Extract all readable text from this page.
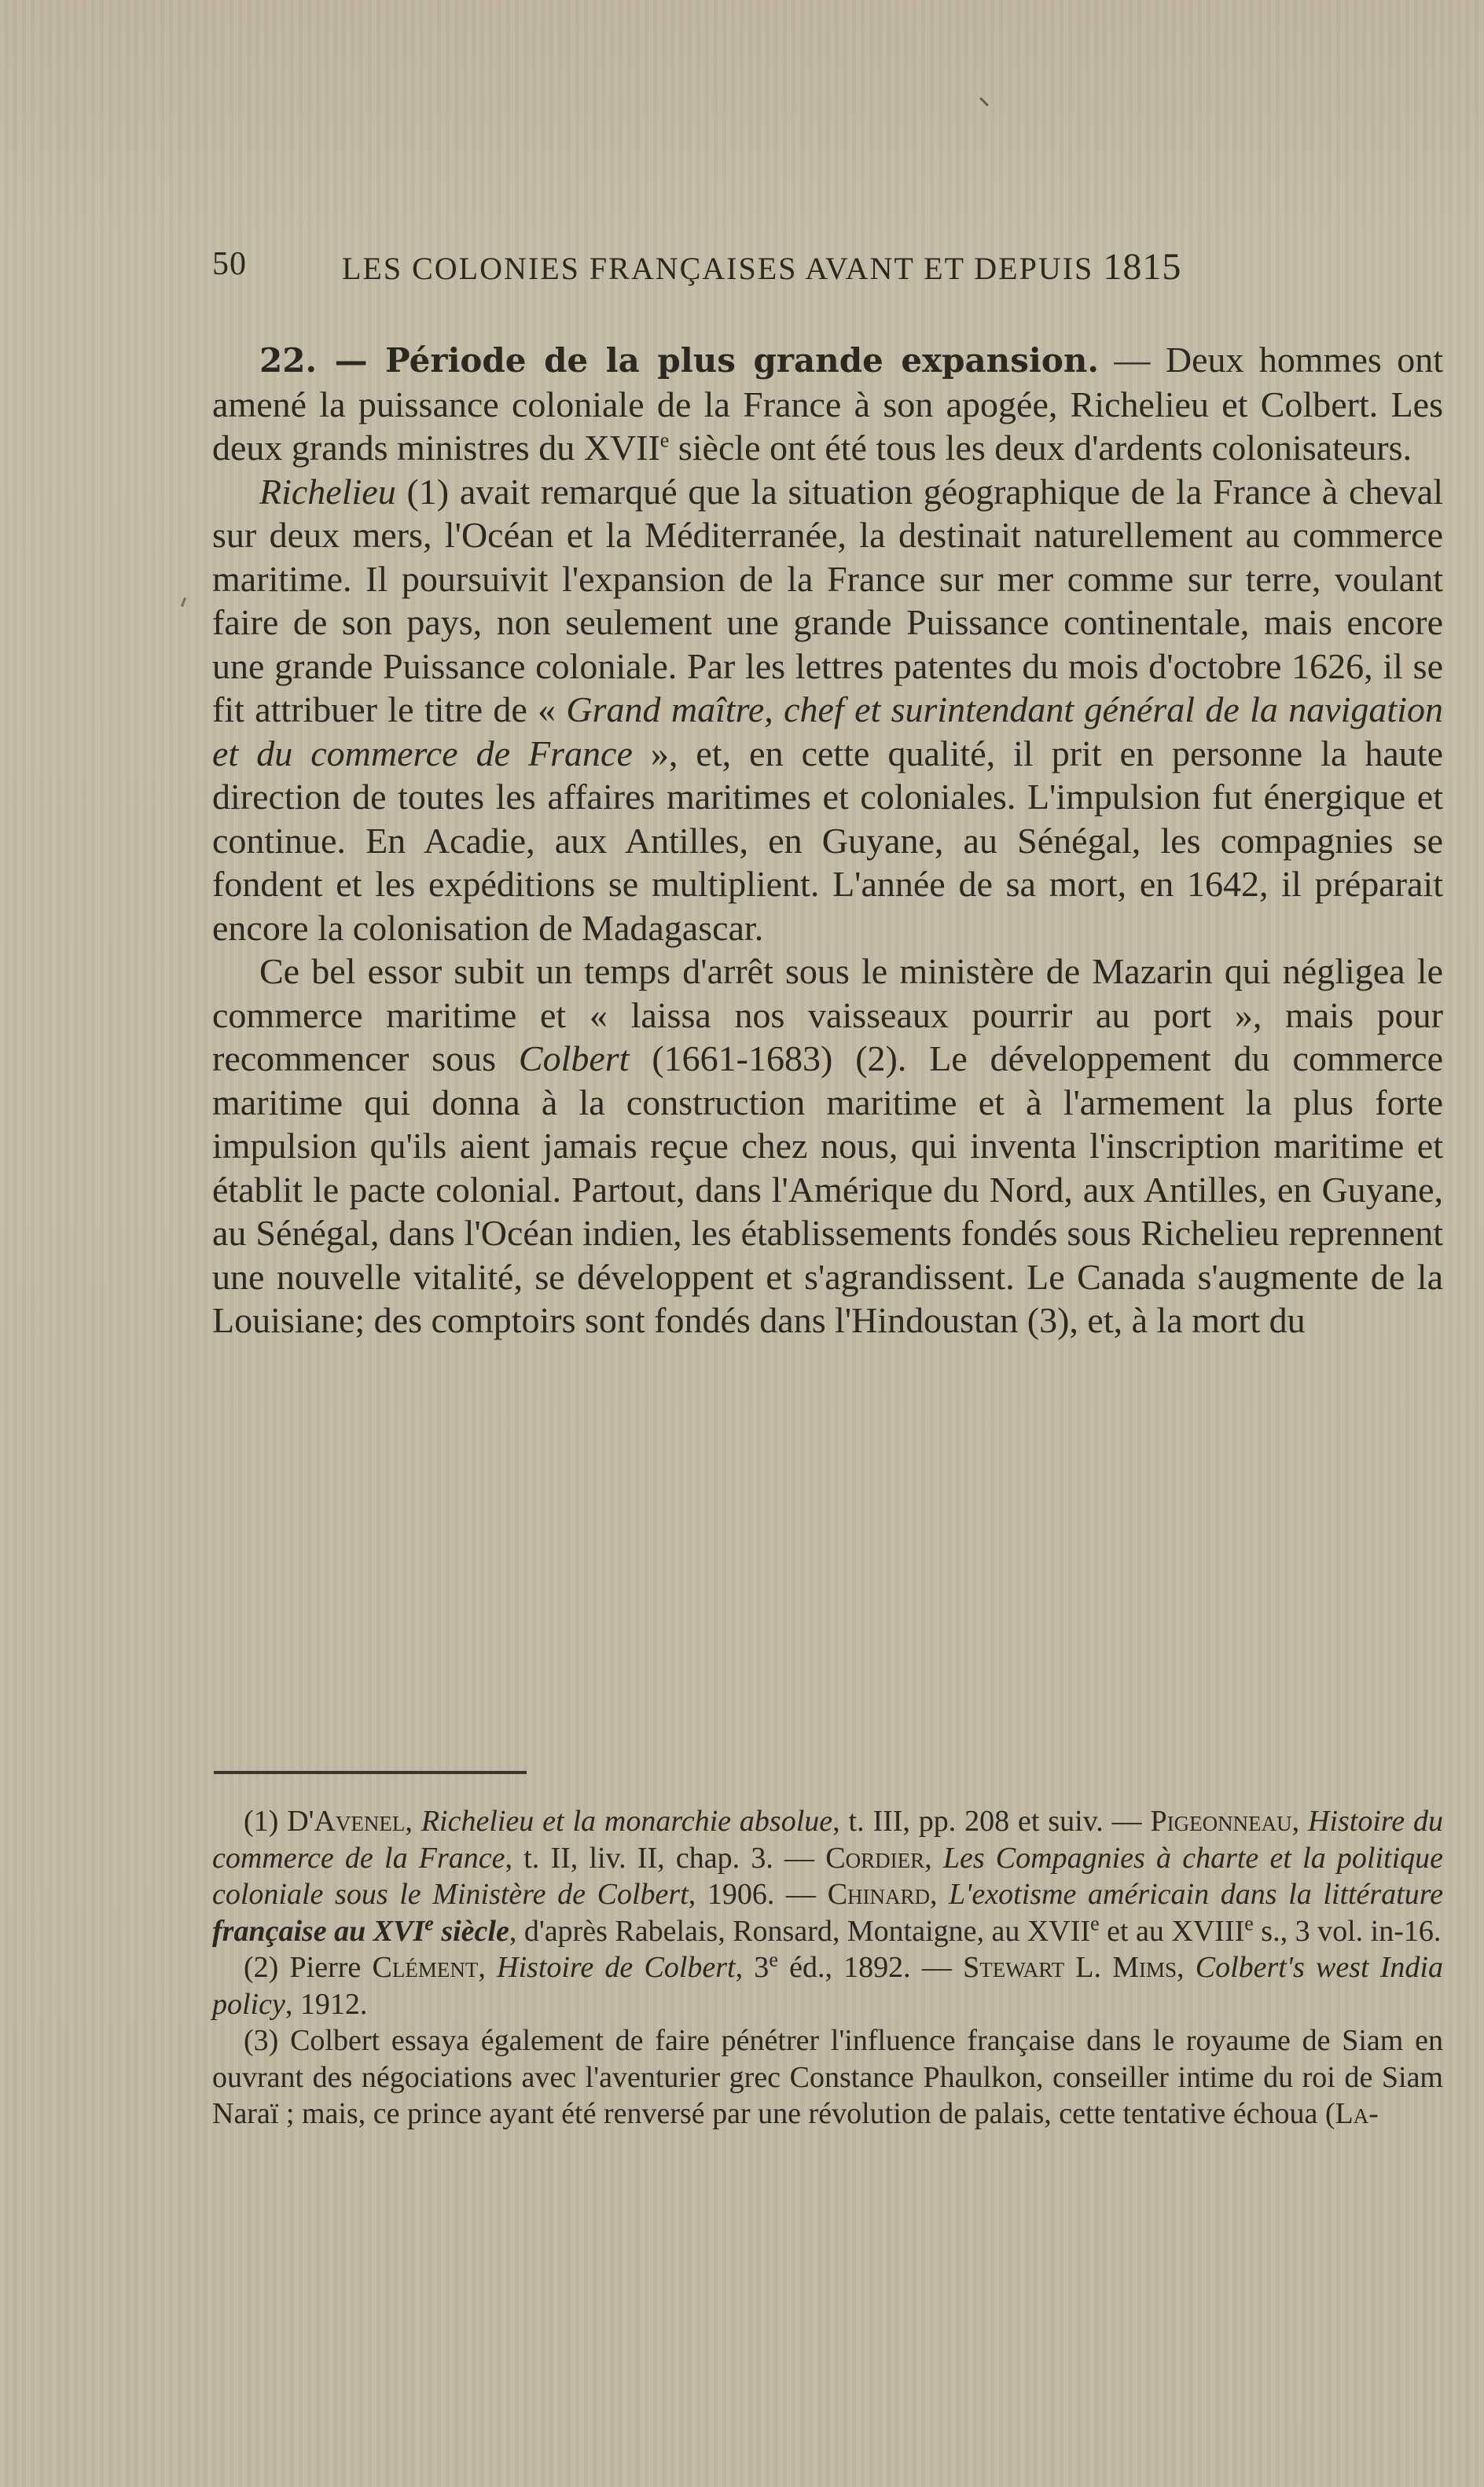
50	LES COLONIES FRANÇAISES AVANT ET DEPUIS 1815

22. — Période de la plus grande expansion. — Deux hommes ont amené la puissance coloniale de la France à son apogée, Richelieu et Colbert. Les deux grands ministres du XVIIe siècle ont été tous les deux d'ardents colonisateurs.

Richelieu (1) avait remarqué que la situation géographique de la France à cheval sur deux mers, l'Océan et la Méditerranée, la destinait naturellement au commerce maritime. Il poursuivit l'expansion de la France sur mer comme sur terre, voulant faire de son pays, non seulement une grande Puissance continentale, mais encore une grande Puissance coloniale. Par les lettres patentes du mois d'octobre 1626, il se fit attribuer le titre de « Grand maître, chef et surintendant général de la navigation et du commerce de France », et, en cette qualité, il prit en personne la haute direction de toutes les affaires maritimes et coloniales. L'impulsion fut énergique et continue. En Acadie, aux Antilles, en Guyane, au Sénégal, les compagnies se fondent et les expéditions se multiplient. L'année de sa mort, en 1642, il préparait encore la colonisation de Madagascar.

Ce bel essor subit un temps d'arrêt sous le ministère de Mazarin qui négligea le commerce maritime et « laissa nos vaisseaux pourrir au port », mais pour recommencer sous Colbert (1661-1683) (2). Le développement du commerce maritime qui donna à la construction maritime et à l'armement la plus forte impulsion qu'ils aient jamais reçue chez nous, qui inventa l'inscription maritime et établit le pacte colonial. Partout, dans l'Amérique du Nord, aux Antilles, en Guyane, au Sénégal, dans l'Océan indien, les établissements fondés sous Richelieu reprennent une nouvelle vitalité, se développent et s'agrandissent. Le Canada s'augmente de la Louisiane; des comptoirs sont fondés dans l'Hindoustan (3), et, à la mort du

(1) D'Avenel, Richelieu et la monarchie absolue, t. III, pp. 208 et suiv. — Pigeonneau, Histoire du commerce de la France, t. II, liv. II, chap. 3. — Cordier, Les Compagnies à charte et la politique coloniale sous le Ministère de Colbert, 1906. — Chinard, L'exotisme américain dans la littérature française au XVIe siècle, d'après Rabelais, Ronsard, Montaigne, au XVIIe et au XVIIIe s., 3 vol. in-16.

(2) Pierre Clément, Histoire de Colbert, 3e éd., 1892. — Stewart L. Mims, Colbert's west India policy, 1912.

(3) Colbert essaya également de faire pénétrer l'influence française dans le royaume de Siam en ouvrant des négociations avec l'aventurier grec Constance Phaulkon, conseiller intime du roi de Siam Naraï ; mais, ce prince ayant été renversé par une révolution de palais, cette tentative échoua (La-
